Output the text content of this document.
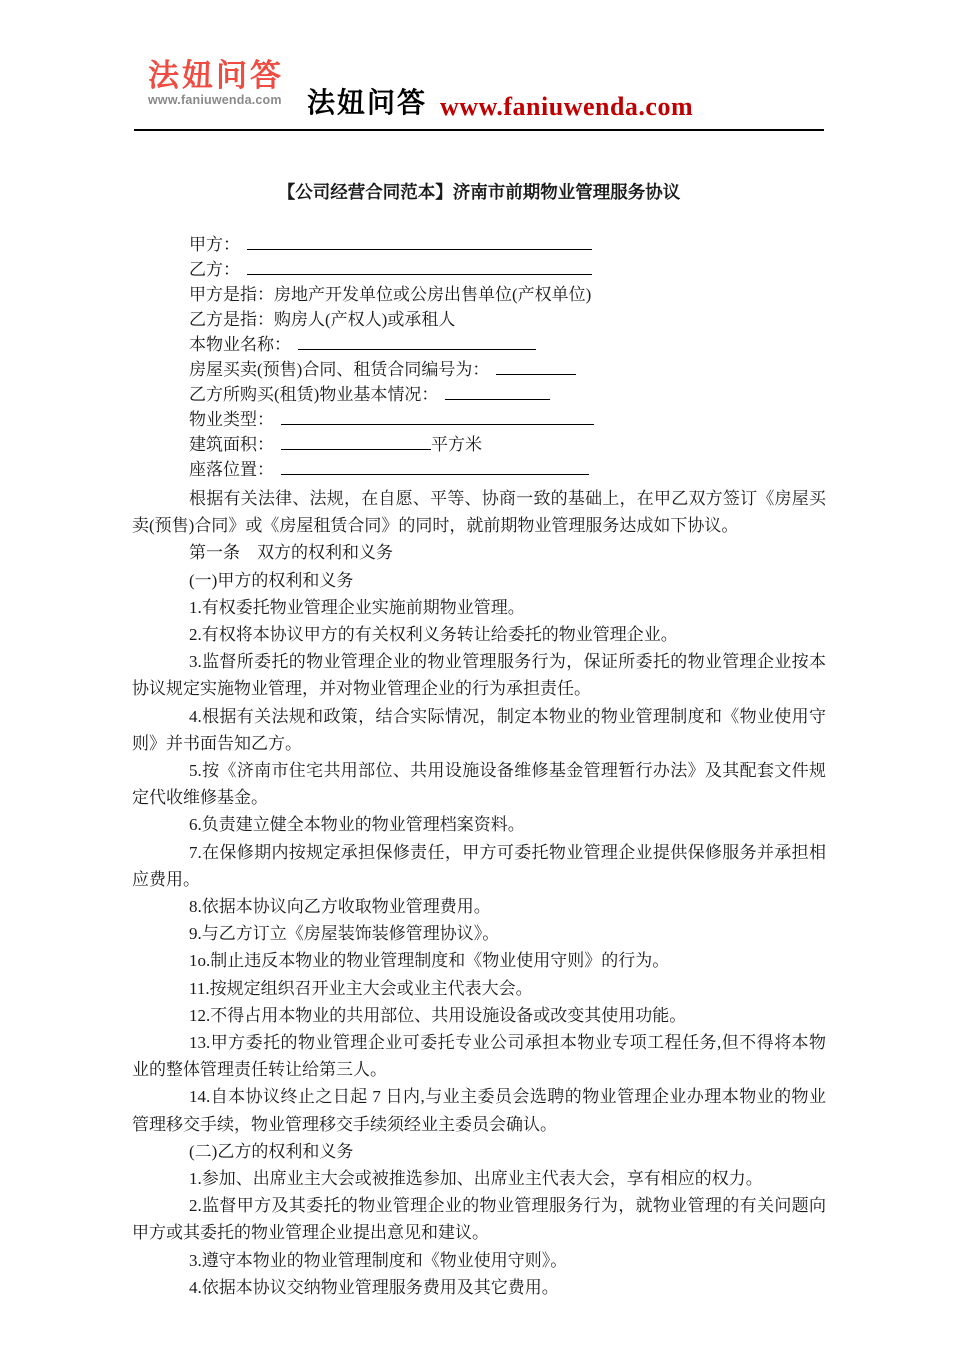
法妞问答
www.faniuwenda.com 法妞问答 www.faniuwenda.com
【公司经营合同范本】济南市前期物业管理服务协议
甲方：
乙方：
甲方是指：房地产开发单位或公房出售单位(产权单位)
乙方是指：购房人(产权人)或承租人
本物业名称：
房屋买卖(预售)合同、租赁合同编号为：
乙方所购买(租赁)物业基本情况：
物业类型：
建筑面积：	平方米
座落位置：

根据有关法律、法规，在自愿、平等、协商一致的基础上，在甲乙双方签订《房屋买卖(预售)合同》或《房屋租赁合同》的同时，就前期物业管理服务达成如下协议。

第一条　双方的权利和义务

(一)甲方的权利和义务

1.有权委托物业管理企业实施前期物业管理。

2.有权将本协议甲方的有关权利义务转让给委托的物业管理企业。

3.监督所委托的物业管理企业的物业管理服务行为，保证所委托的物业管理企业按本协议规定实施物业管理，并对物业管理企业的行为承担责任。

4.根据有关法规和政策，结合实际情况，制定本物业的物业管理制度和《物业使用守则》并书面告知乙方。

5.按《济南市住宅共用部位、共用设施设备维修基金管理暂行办法》及其配套文件规定代收维修基金。

6.负责建立健全本物业的物业管理档案资料。

7.在保修期内按规定承担保修责任，甲方可委托物业管理企业提供保修服务并承担相应费用。

8.依据本协议向乙方收取物业管理费用。

9.与乙方订立《房屋装饰装修管理协议》。

1o.制止违反本物业的物业管理制度和《物业使用守则》的行为。

11.按规定组织召开业主大会或业主代表大会。

12.不得占用本物业的共用部位、共用设施设备或改变其使用功能。

13.甲方委托的物业管理企业可委托专业公司承担本物业专项工程任务,但不得将本物业的整体管理责任转让给第三人。

14.自本协议终止之日起 7 日内,与业主委员会选聘的物业管理企业办理本物业的物业管理移交手续，物业管理移交手续须经业主委员会确认。

(二)乙方的权利和义务

1.参加、出席业主大会或被推选参加、出席业主代表大会，享有相应的权力。

2.监督甲方及其委托的物业管理企业的物业管理服务行为，就物业管理的有关问题向甲方或其委托的物业管理企业提出意见和建议。

3.遵守本物业的物业管理制度和《物业使用守则》。

4.依据本协议交纳物业管理服务费用及其它费用。
